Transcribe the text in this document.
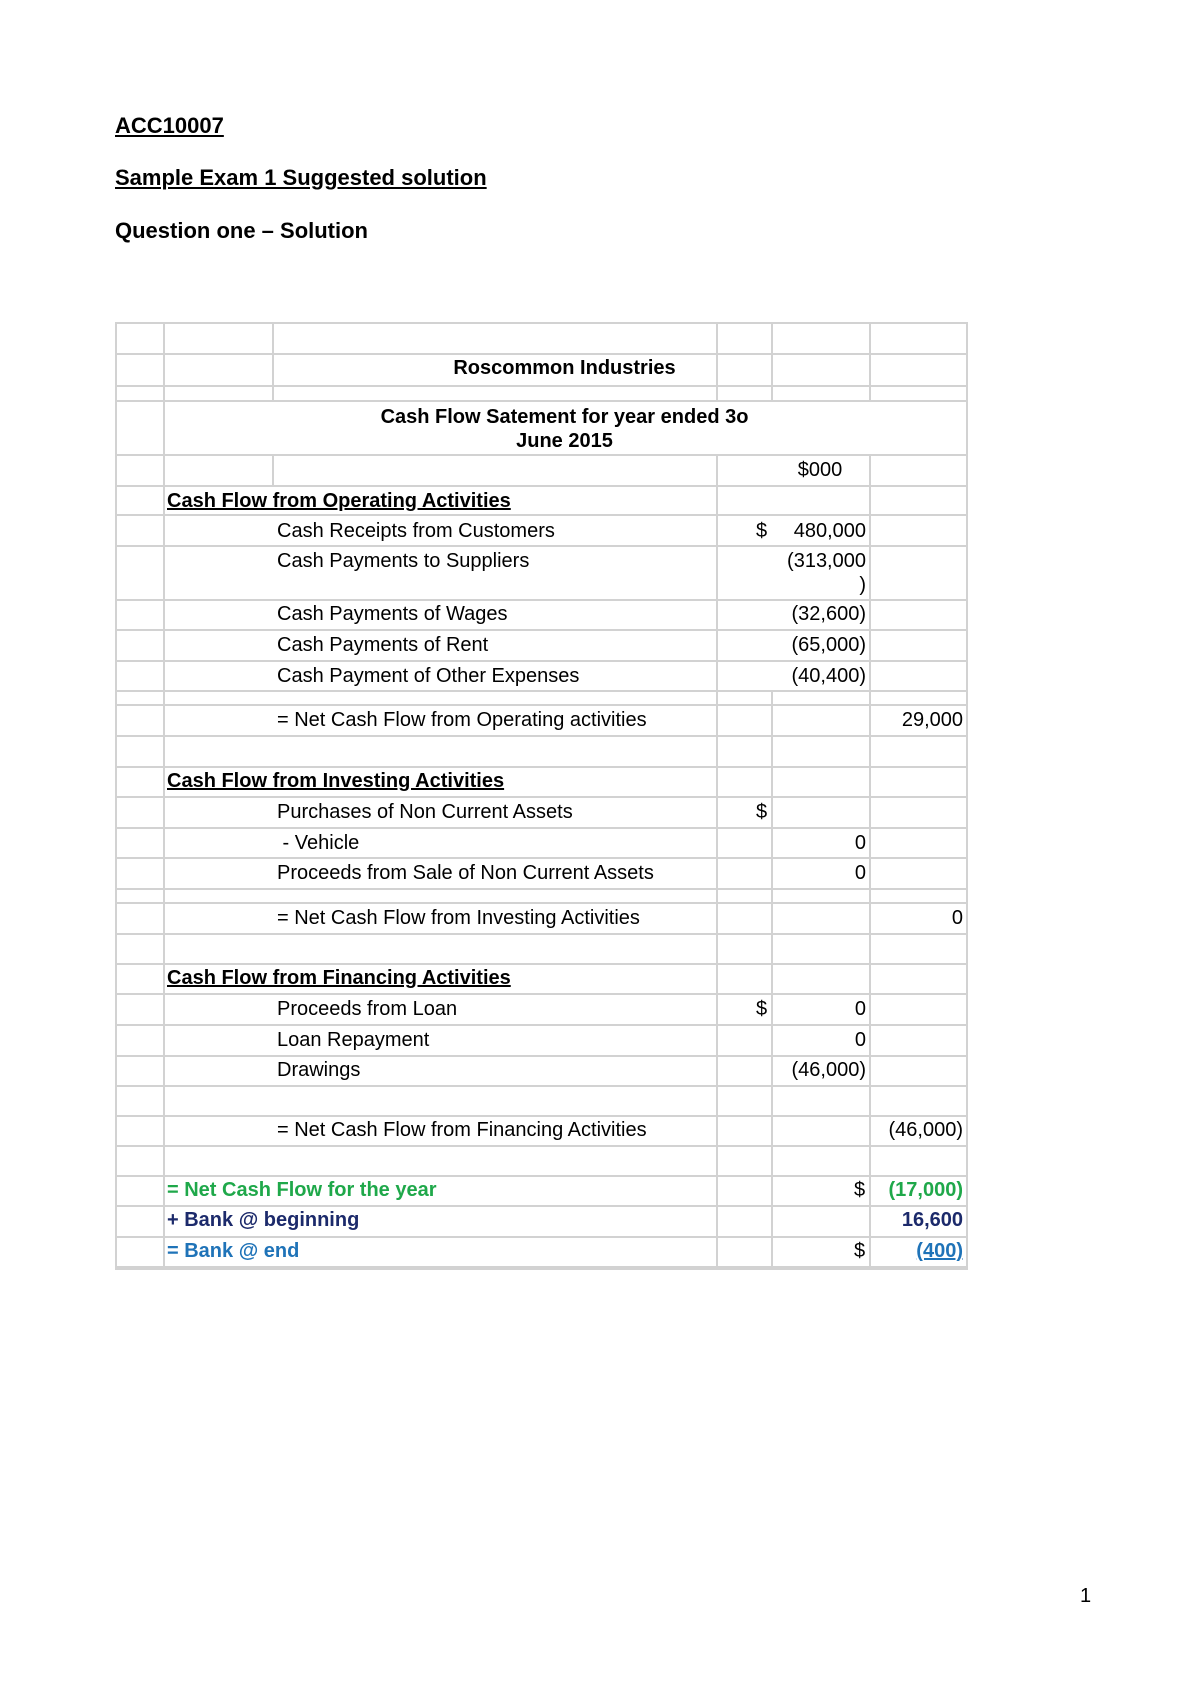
ACC10007
Sample Exam 1 Suggested solution
Question one – Solution
Roscommon Industries
Cash Flow Satement for year ended 3o
June 2015
$000
Cash Flow from Operating Activities
Cash Receipts from Customers	$	480,000
Cash Payments to Suppliers	(313,000
)
Cash Payments of Wages	(32,600)
Cash Payments of Rent	(65,000)
Cash Payment of Other Expenses	(40,400)
= Net Cash Flow from Operating activities	29,000
Cash Flow from Investing Activities
Purchases of Non Current Assets	$
- Vehicle	0
Proceeds from Sale of Non Current Assets	0
= Net Cash Flow from Investing Activities	0
Cash Flow from Financing Activities
Proceeds from Loan	$	0
Loan Repayment	0
Drawings	(46,000)
= Net Cash Flow from Financing Activities	(46,000)
= Net Cash Flow for the year	$	(17,000)
+ Bank @ beginning	16,600
= Bank @ end	$	(400)
1
